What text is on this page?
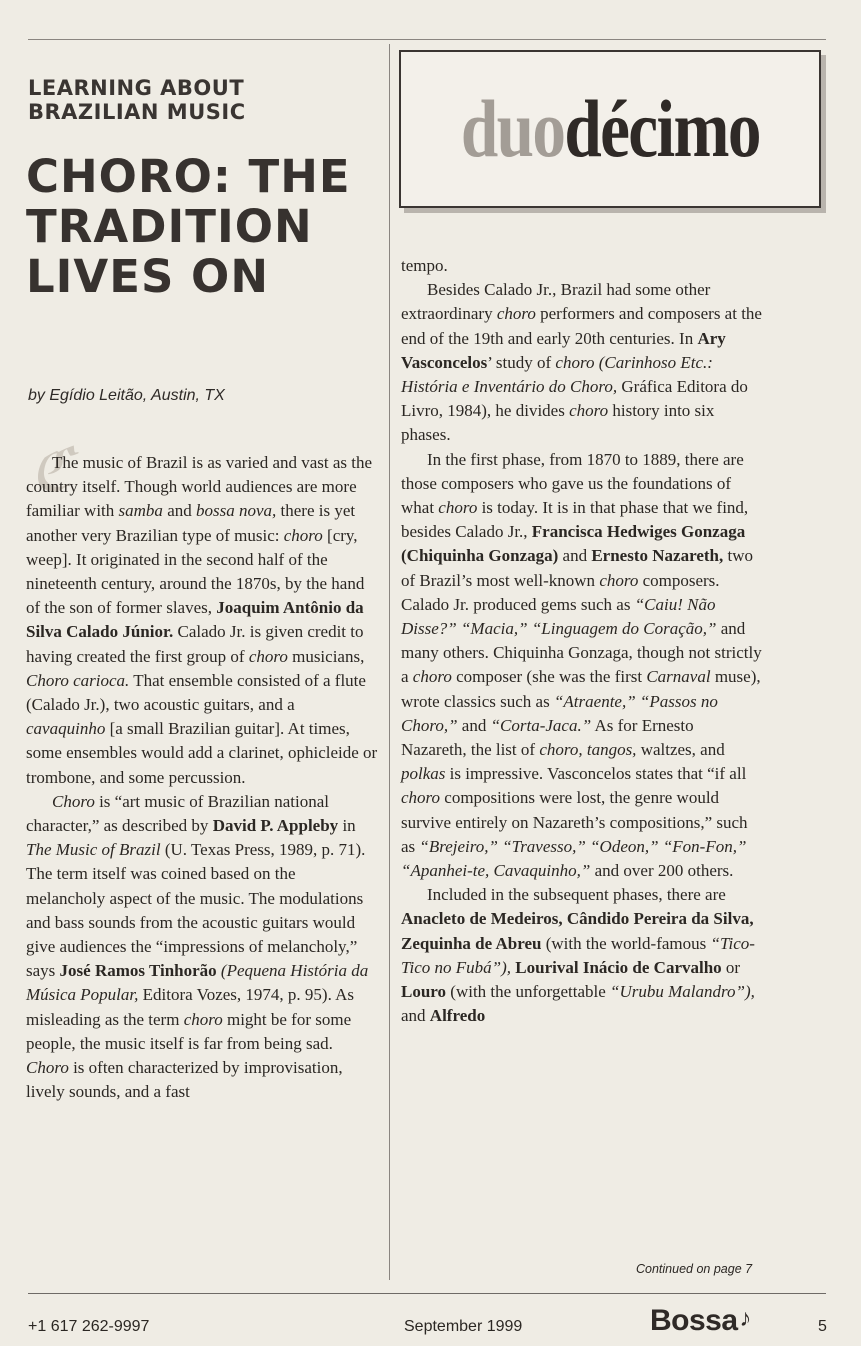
LEARNING ABOUT BRAZILIAN MUSIC
CHORO: THE TRADITION LIVES ON
by Egídio Leitão, Austin, TX
ℭ
duodécimo

The music of Brazil is as varied and vast as the country itself. Though world audiences are more familiar with samba and bossa nova, there is yet another very Brazilian type of music: choro [cry, weep]. It originated in the second half of the nineteenth century, around the 1870s, by the hand of the son of former slaves, Joaquim Antônio da Silva Calado Júnior. Calado Jr. is given credit to having created the first group of choro musicians, Choro carioca. That ensemble consisted of a flute (Calado Jr.), two acoustic guitars, and a cavaquinho [a small Brazilian guitar]. At times, some ensembles would add a clarinet, ophicleide or trombone, and some percussion.

Choro is “art music of Brazilian national character,” as described by David P. Appleby in The Music of Brazil (U. Texas Press, 1989, p. 71). The term itself was coined based on the melancholy aspect of the music. The modulations and bass sounds from the acoustic guitars would give audiences the “impressions of melancholy,” says José Ramos Tinhorão (Pequena História da Música Popular, Editora Vozes, 1974, p. 95). As misleading as the term choro might be for some people, the music itself is far from being sad. Choro is often characterized by improvisation, lively sounds, and a fast

tempo.

Besides Calado Jr., Brazil had some other extraordinary choro performers and composers at the end of the 19th and early 20th centuries. In Ary Vasconcelos’ study of choro (Carinhoso Etc.: História e Inventário do Choro, Gráfica Editora do Livro, 1984), he divides choro history into six phases.

In the first phase, from 1870 to 1889, there are those composers who gave us the foundations of what choro is today. It is in that phase that we find, besides Calado Jr., Francisca Hedwiges Gonzaga (Chiquinha Gonzaga) and Ernesto Nazareth, two of Brazil’s most well-known choro composers. Calado Jr. produced gems such as “Caiu! Não Disse?” “Macia,” “Linguagem do Coração,” and many others. Chiquinha Gonzaga, though not strictly a choro composer (she was the first Carnaval muse), wrote classics such as “Atraente,” “Passos no Choro,” and “Corta-Jaca.” As for Ernesto Nazareth, the list of choro, tangos, waltzes, and polkas is impressive. Vasconcelos states that “if all choro compositions were lost, the genre would survive entirely on Nazareth’s compositions,” such as “Brejeiro,” “Travesso,” “Odeon,” “Fon-Fon,” “Apanhei-te, Cavaquinho,” and over 200 others.

Included in the subsequent phases, there are Anacleto de Medeiros, Cândido Pereira da Silva, Zequinha de Abreu (with the world-famous “Tico-Tico no Fubá”), Lourival Inácio de Carvalho or Louro (with the unforgettable “Urubu Malandro”), and Alfredo

Continued on page 7
+1 617 262-9997	September 1999	Bossa♪	5
